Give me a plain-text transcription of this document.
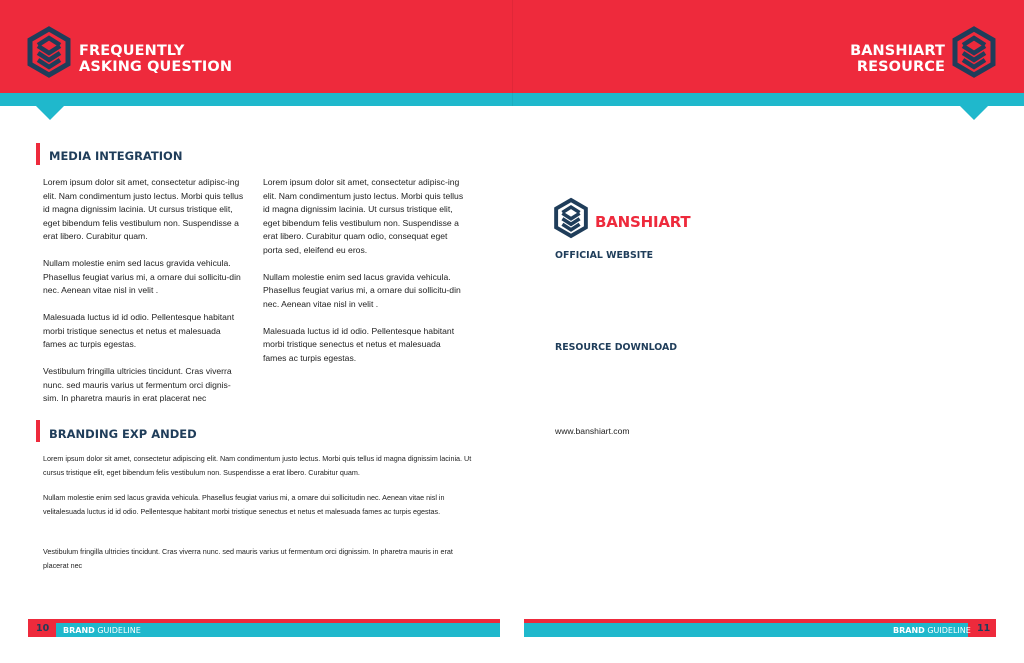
FREQUENTLY
ASKING QUESTION
BANSHIART
RESOURCE
MEDIA INTEGRATION

Lorem ipsum dolor sit amet, consectetur adipisc-ing elit. Nam condimentum justo lectus. Morbi quis tellus id magna dignissim lacinia. Ut cursus tristique elit, eget bibendum felis vestibulum non. Suspendisse a erat libero. Curabitur quam.

Nullam molestie enim sed lacus gravida vehicula. Phasellus feugiat varius mi, a ornare dui sollicitu-din nec. Aenean vitae nisl in velit .

Malesuada luctus id id odio. Pellentesque habitant morbi tristique senectus et netus et malesuada fames ac turpis egestas.

Vestibulum fringilla ultricies tincidunt. Cras viverra nunc. sed mauris varius ut fermentum orci dignis-sim. In pharetra mauris in erat placerat nec

Lorem ipsum dolor sit amet, consectetur adipisc-ing elit. Nam condimentum justo lectus. Morbi quis tellus id magna dignissim lacinia. Ut cursus tristique elit, eget bibendum felis vestibulum non. Suspendisse a erat libero. Curabitur quam odio, consequat eget porta sed, eleifend eu eros.

Nullam molestie enim sed lacus gravida vehicula. Phasellus feugiat varius mi, a ornare dui sollicitu-din nec. Aenean vitae nisl in velit .

Malesuada luctus id id odio. Pellentesque habitant morbi tristique senectus et netus et malesuada fames ac turpis egestas.

BRANDING EXP ANDED
Lorem ipsum dolor sit amet, consectetur adipiscing elit. Nam condimentum justo lectus. Morbi quis tellus id magna dignissim lacinia. Ut cursus tristique elit, eget bibendum felis vestibulum non. Suspendisse a erat libero. Curabitur quam.
Nullam molestie enim sed lacus gravida vehicula. Phasellus feugiat varius mi, a ornare dui sollicitudin nec. Aenean vitae nisl in velitalesuada luctus id id odio. Pellentesque habitant morbi tristique senectus et netus et malesuada fames ac turpis egestas.
Vestibulum fringilla ultricies tincidunt. Cras viverra nunc. sed mauris varius ut fermentum orci dignissim. In pharetra mauris in erat placerat nec
BANSHIART
OFFICIAL WEBSITE
RESOURCE DOWNLOAD
www.banshiart.com
10 BRAND GUIDELINE	11
BRAND GUIDELINE
